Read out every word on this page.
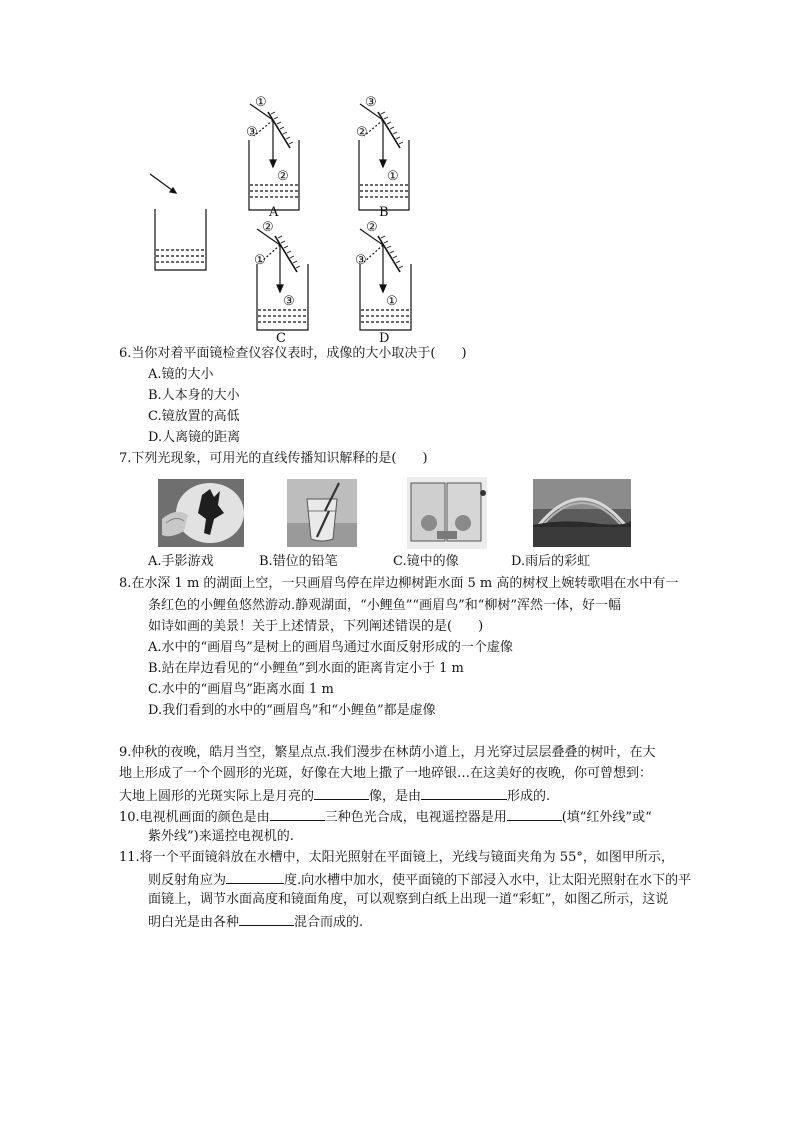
①
③
②
③
②
①
②
①
③
②
③
①
A	B
C	D
6.当你对着平面镜检查仪容仪表时，成像的大小取决于(　　)
A.镜的大小
B.人本身的大小
C.镜放置的高低
D.人离镜的距离
7.下列光现象，可用光的直线传播知识解释的是(　　)
A.手影游戏	B.错位的铅笔	C.镜中的像	D.雨后的彩虹
8.在水深 1 m 的湖面上空，一只画眉鸟停在岸边柳树距水面 5 m 高的树杈上婉转歌唱在水中有一
条红色的小鲤鱼悠然游动.静观湖面，“小鲤鱼”“画眉鸟”和“柳树”浑然一体，好一幅
如诗如画的美景！关于上述情景，下列阐述错误的是(　　)
A.水中的“画眉鸟”是树上的画眉鸟通过水面反射形成的一个虚像
B.站在岸边看见的“小鲤鱼”到水面的距离肯定小于 1 m
C.水中的“画眉鸟”距离水面 1 m
D.我们看到的水中的“画眉鸟”和“小鲤鱼”都是虚像
9.仲秋的夜晚，皓月当空，繁星点点.我们漫步在林荫小道上，月光穿过层层叠叠的树叶，在大
地上形成了一个个圆形的光斑，好像在大地上撒了一地碎银…在这美好的夜晚，你可曾想到：
大地上圆形的光斑实际上是月亮的	像，是由	形成的.
10.电视机画面的颜色是由	三种色光合成，电视遥控器是用	(填“红外线”或“
紫外线”)来遥控电视机的.
11.将一个平面镜斜放在水槽中，太阳光照射在平面镜上，光线与镜面夹角为 55°，如图甲所示，
则反射角应为	度.向水槽中加水，使平面镜的下部浸入水中，让太阳光照射在水下的平
面镜上，调节水面高度和镜面角度，可以观察到白纸上出现一道“彩虹”，如图乙所示，这说
明白光是由各种	混合而成的.
